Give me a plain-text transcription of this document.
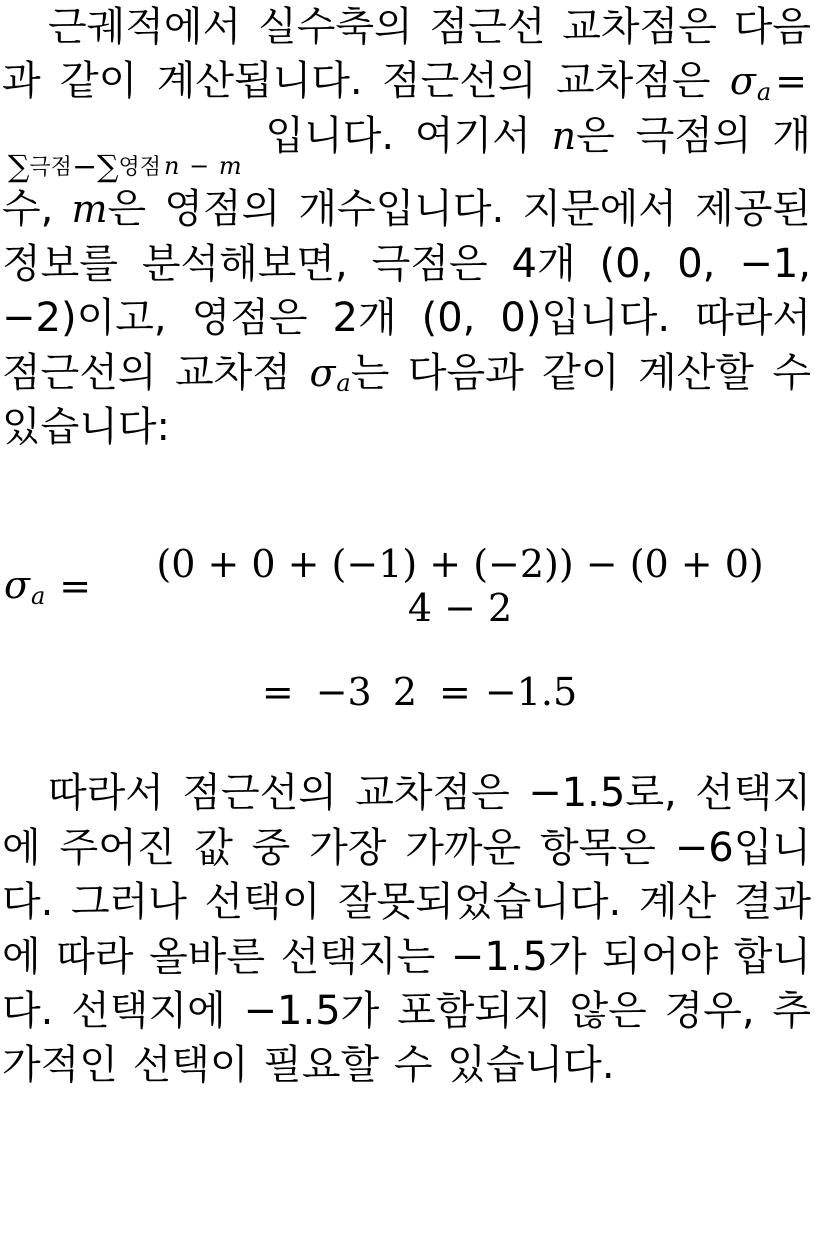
근궤적에서 실수축의 점근선 교차점은 다음과 같이 계산됩니다. 점근선의 교차점은 σa =∑극점−∑영점 n − m 입니다. 여기서 n은 극점의 개수, m은 영점의 개수입니다. 지문에서 제공된 정보를 분석해보면, 극점은 4개 (0, 0, −1, −2)이고, 영점은 2개 (0, 0)입니다. 따라서 점근선의 교차점 σa는 다음과 같이 계산할 수 있습니다:

σa =	(0 + 0 + (−1) + (−2)) − (0 + 0) 4 − 2
= −3 2 = −1.5

따라서 점근선의 교차점은 −1.5로, 선택지에 주어진 값 중 가장 가까운 항목은 −6입니다. 그러나 선택이 잘못되었습니다. 계산 결과에 따라 올바른 선택지는 −1.5가 되어야 합니다. 선택지에 −1.5가 포함되지 않은 경우, 추가적인 선택이 필요할 수 있습니다.
